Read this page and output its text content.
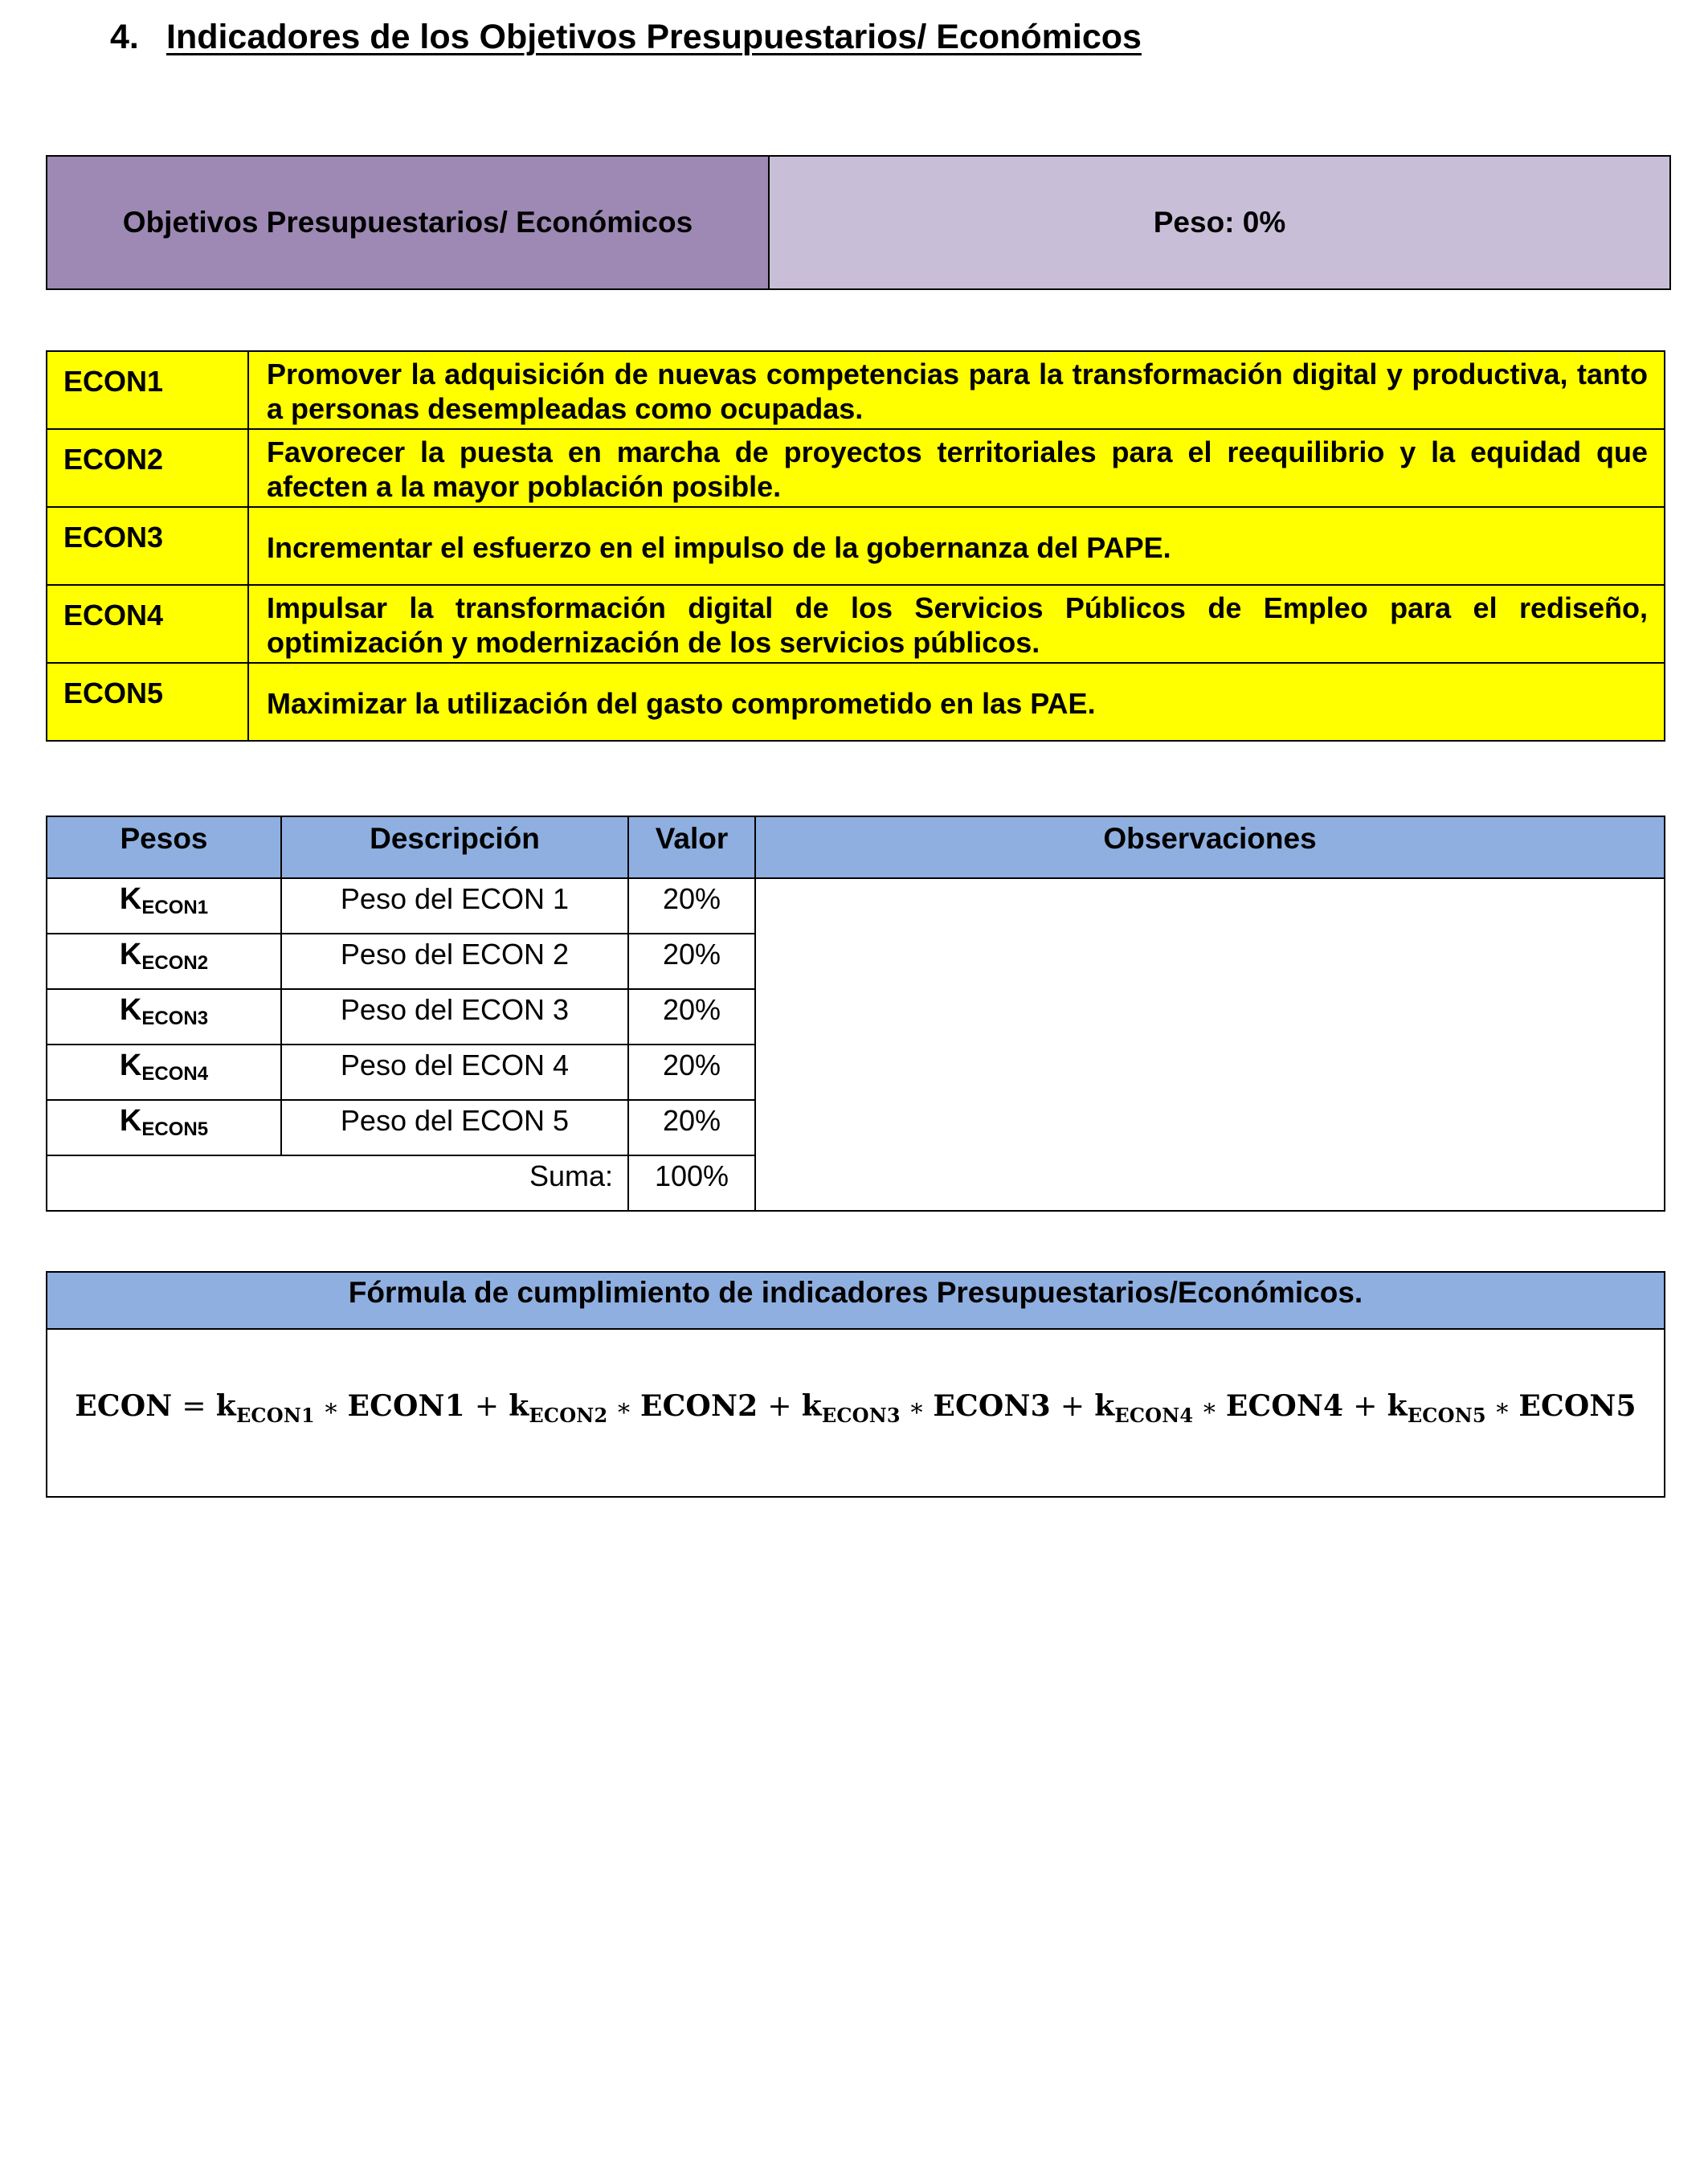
4. Indicadores de los Objetivos Presupuestarios/ Económicos
Objetivos Presupuestarios/ Económicos	Peso: 0%
ECON1	Promover la adquisición de nuevas competencias para la transformación digital y productiva, tanto a personas desempleadas como ocupadas.
ECON2	Favorecer la puesta en marcha de proyectos territoriales para el reequilibrio y la equidad que afecten a la mayor población posible.
ECON3	Incrementar el esfuerzo en el impulso de la gobernanza del PAPE.
ECON4	Impulsar la transformación digital de los Servicios Públicos de Empleo para el rediseño, optimización y modernización de los servicios públicos.
ECON5	Maximizar la utilización del gasto comprometido en las PAE.
Pesos	Descripción	Valor	Observaciones
$K_{ECON1}$	Peso del ECON 1	20%	
$K_{ECON2}$	Peso del ECON 2	20%	
$K_{ECON3}$	Peso del ECON 3	20%	
$K_{ECON4}$	Peso del ECON 4	20%	
$K_{ECON5}$	Peso del ECON 5	20%	
Suma:		100%	
Fórmula de cumplimiento de indicadores Presupuestarios/Económicos.
ECON = $k_{ECON1}$ ∗ ECON1 + $k_{ECON2}$ ∗ ECON2 + $k_{ECON3}$ ∗ ECON3 + $k_{ECON4}$ ∗ ECON4 + $k_{ECON5}$ ∗ ECON5
